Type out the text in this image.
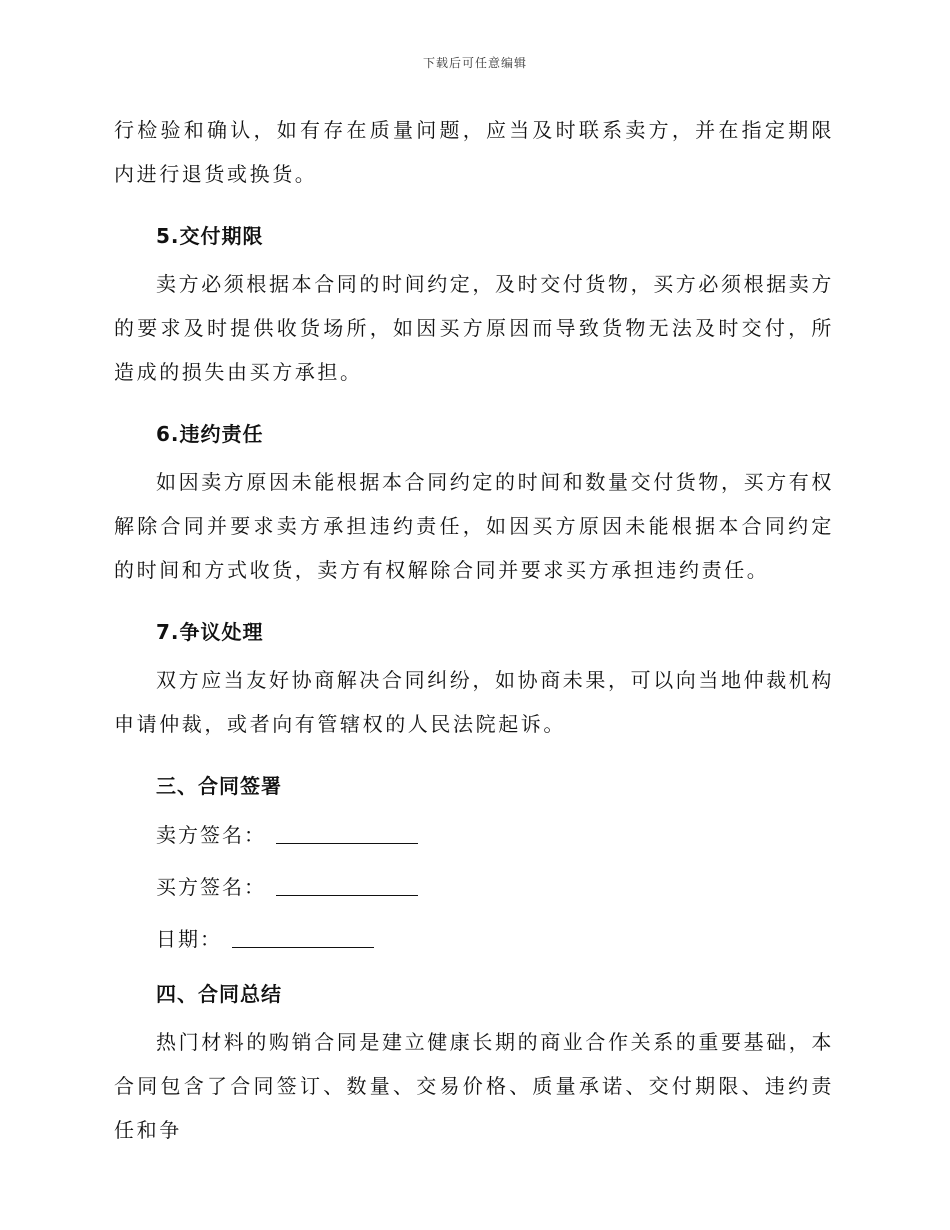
下载后可任意编辑

行检验和确认，如有存在质量问题，应当及时联系卖方，并在指定期限内进行退货或换货。

5.交付期限

卖方必须根据本合同的时间约定，及时交付货物，买方必须根据卖方的要求及时提供收货场所，如因买方原因而导致货物无法及时交付，所造成的损失由买方承担。

6.违约责任

如因卖方原因未能根据本合同约定的时间和数量交付货物，买方有权解除合同并要求卖方承担违约责任，如因买方原因未能根据本合同约定的时间和方式收货，卖方有权解除合同并要求买方承担违约责任。

7.争议处理

双方应当友好协商解决合同纠纷，如协商未果，可以向当地仲裁机构申请仲裁，或者向有管辖权的人民法院起诉。

三、合同签署

卖方签名：

买方签名：

日期：

四、合同总结

热门材料的购销合同是建立健康长期的商业合作关系的重要基础，本合同包含了合同签订、数量、交易价格、质量承诺、交付期限、违约责任和争
